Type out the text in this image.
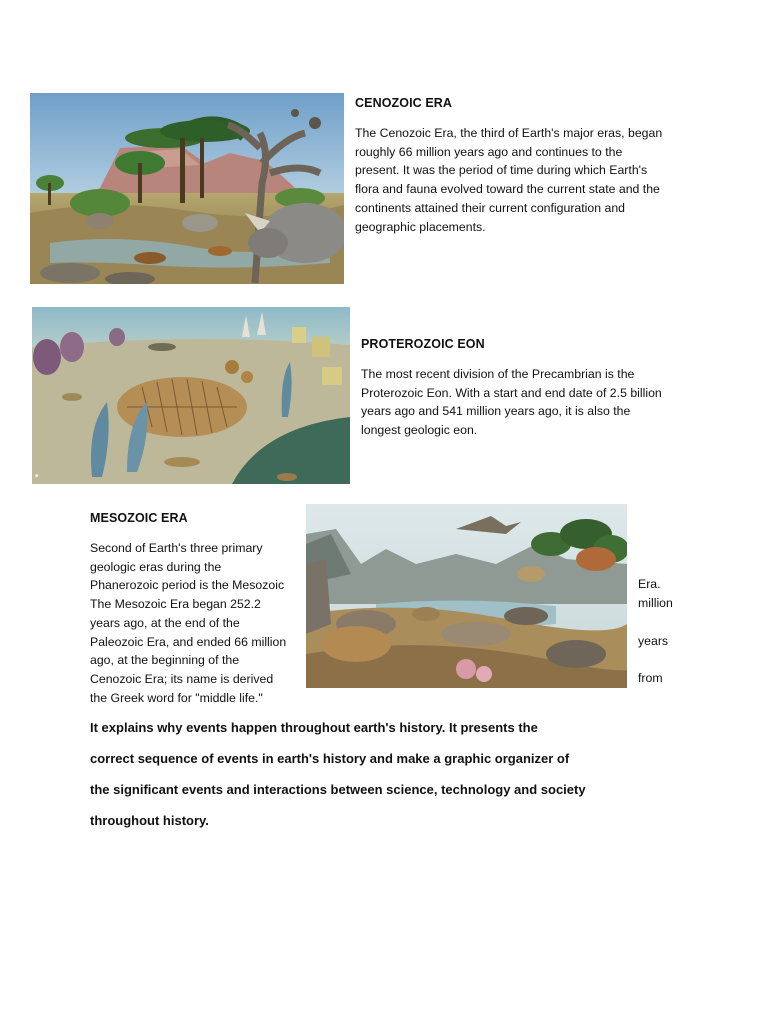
CENOZOIC ERA
The Cenozoic Era, the third of Earth's major eras, began
roughly 66 million years ago and continues to the
present. It was the period of time during which Earth's
flora and fauna evolved toward the current state and the
continents attained their current configuration and
geographic placements.
■
PROTEROZOIC EON
The most recent division of the Precambrian is the
Proterozoic Eon. With a start and end date of 2.5 billion
years ago and 541 million years ago, it is also the
longest geologic eon.
MESOZOIC ERA
Second of Earth's three primary
geologic eras during the
Phanerozoic period is the Mesozoic
The Mesozoic Era began 252.2
years ago, at the end of the
Paleozoic Era, and ended 66 million
ago, at the beginning of the
Cenozoic Era; its name is derived
the Greek word for "middle life."
Era.
million
years
from
It explains why events happen throughout earth's history. It presents the
correct sequence of events in earth's history and make a graphic organizer of
the significant events and interactions between science, technology and society
throughout history.
